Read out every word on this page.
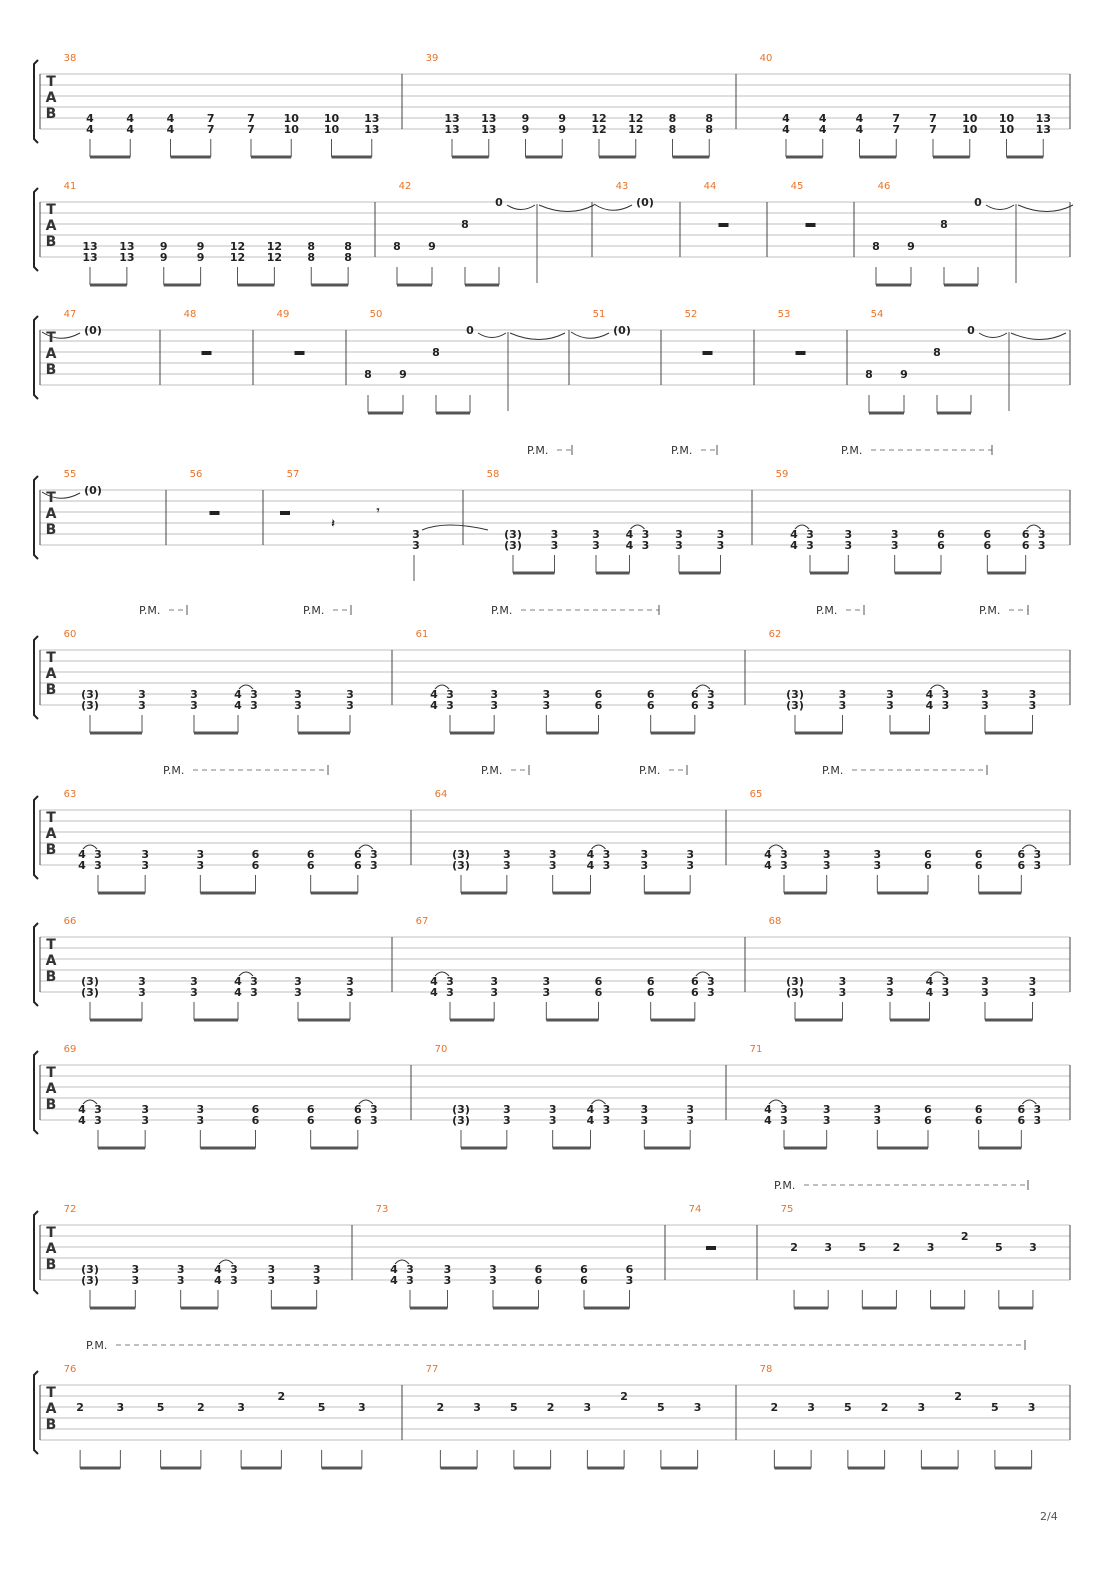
T
A
B
38
4
4
4
4
4
4
7
7
7
7
10
10
10
10
13
13
39
13
13
13
13
9
9
9
9
12
12
12
12
8
8
8
8
40
4
4
4
4
4
4
7
7
7
7
10
10
10
10
13
13
T
A
B
41
13
13
13
13
9
9
9
9
12
12
12
12
8
8
8
8
42
8 9
8
0
43
(0)
44	45	46
8 9
8
0
T
A
B
47
(0)
48	49	50
8 9
8
0
51
(0)
52	53	54
8 9
8
0
T
A
B
P.M.	P.M.	P.M.
55
(0)
56	57
𝄽
𝄾
3
3
58
(3)
(3)
3
3
3
3
4
4
3
3
3
3
3
3
59
4
4
3
3
3
3
3
3
6
6
6
6
6
6
3
3
T
A
B
P.M.	P.M.	P.M.	P.M.	P.M.
60
(3)
(3)
3
3
3
3
4
4
3
3
3
3
3
3
61
4
4
3
3
3
3
3
3
6
6
6
6
6
6
3
3
62
(3)
(3)
3
3
3
3
4
4
3
3
3
3
3
3
T
A
B
P.M.	P.M.	P.M.	P.M.
63
4
4
3
3
3
3
3
3
6
6
6
6
6
6
3
3
64
(3)
(3)
3
3
3
3
4
4
3
3
3
3
3
3
65
4
4
3
3
3
3
3
3
6
6
6
6
6
6
3
3
T
A
B
66
(3)
(3)
3
3
3
3
4
4
3
3
3
3
3
3
67
4
4
3
3
3
3
3
3
6
6
6
6
6
6
3
3
68
(3)
(3)
3
3
3
3
4
4
3
3
3
3
3
3
T
A
B
69
4
4
3
3
3
3
3
3
6
6
6
6
6
6
3
3
70
(3)
(3)
3
3
3
3
4
4
3
3
3
3
3
3
71
4
4
3
3
3
3
3
3
6
6
6
6
6
6
3
3
T
A
B
P.M.
72
(3)
(3)
3
3
3
3
4
4
3
3
3
3
3
3
73
4
4
3
3
3
3
3
3
6
6
6
6
6
3
74	75
2 3 5 2 3
2
5 3
T
A
B
P.M.
76
2	3	5	2	3
2
5	3
77
2	3	5	2	3
2
5	3
78
2	3	5	2	3
2
5	3
2/4
